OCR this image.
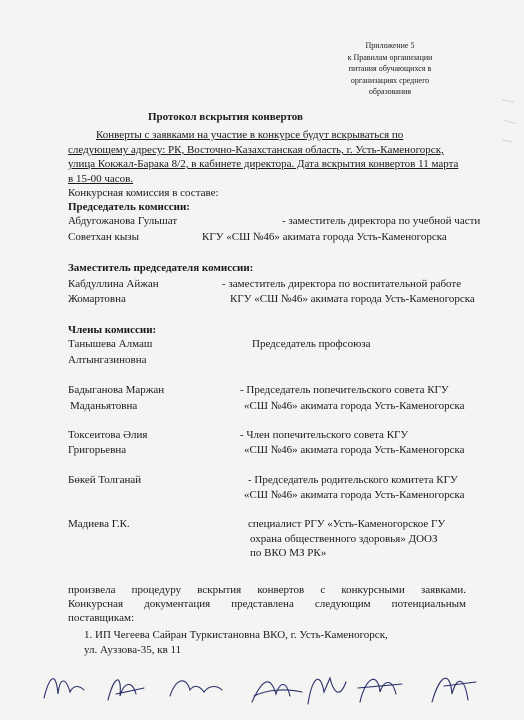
Приложение 5
к Правилам организации
питания обучающихся в
организациях среднего
образования
Протокол вскрытия конвертов
Конверты с заявками на участие в конкурсе будут вскрываться по
следующему адресу: РК, Восточно-Казахстанская область, г. Усть-Каменогорск,
улица Кокжал-Барака 8/2, в кабинете директора. Дата вскрытия конвертов 11 марта
в 15-00 часов.
Конкурсная комиссия в составе:
Председатель комиссии:
Абдугожанова Гульшат	- заместитель директора по учебной части
Советхан кызы	КГУ «СШ №46» акимата города Усть-Каменогорска
Заместитель председателя комиссии:
Кабдуллина Айжан	- заместитель директора по воспитательной работе
Жомартовна	КГУ «СШ №46» акимата города Усть-Каменогорска
Члены комиссии:
Танышева Алмаш	Председатель профсоюза
Алтынгазиновна
Бадыганова Маржан	- Председатель попечительского совета КГУ
Маданьятовна	«СШ №46» акимата города Усть-Каменогорска
Токсеитова Әлия	- Член попечительского совета КГУ
Григорьевна	«СШ №46» акимата города Усть-Каменогорска
Бөкей Толганай	- Председатель родительского комитета КГУ
«СШ №46» акимата города Усть-Каменогорска
Мадиева Г.К.	специалист РГУ «Усть-Каменогорское ГУ
охрана общественного здоровья» ДООЗ
по ВКО МЗ РК»
произвела процедуру вскрытия конвертов с конкурсными заявками.
Конкурсная документация представлена следующим потенциальным
поставщикам:
1. ИП Чегеева Сайран Туркистановна ВКО, г. Усть-Каменогорск,
ул. Ауззова-35, кв 11
